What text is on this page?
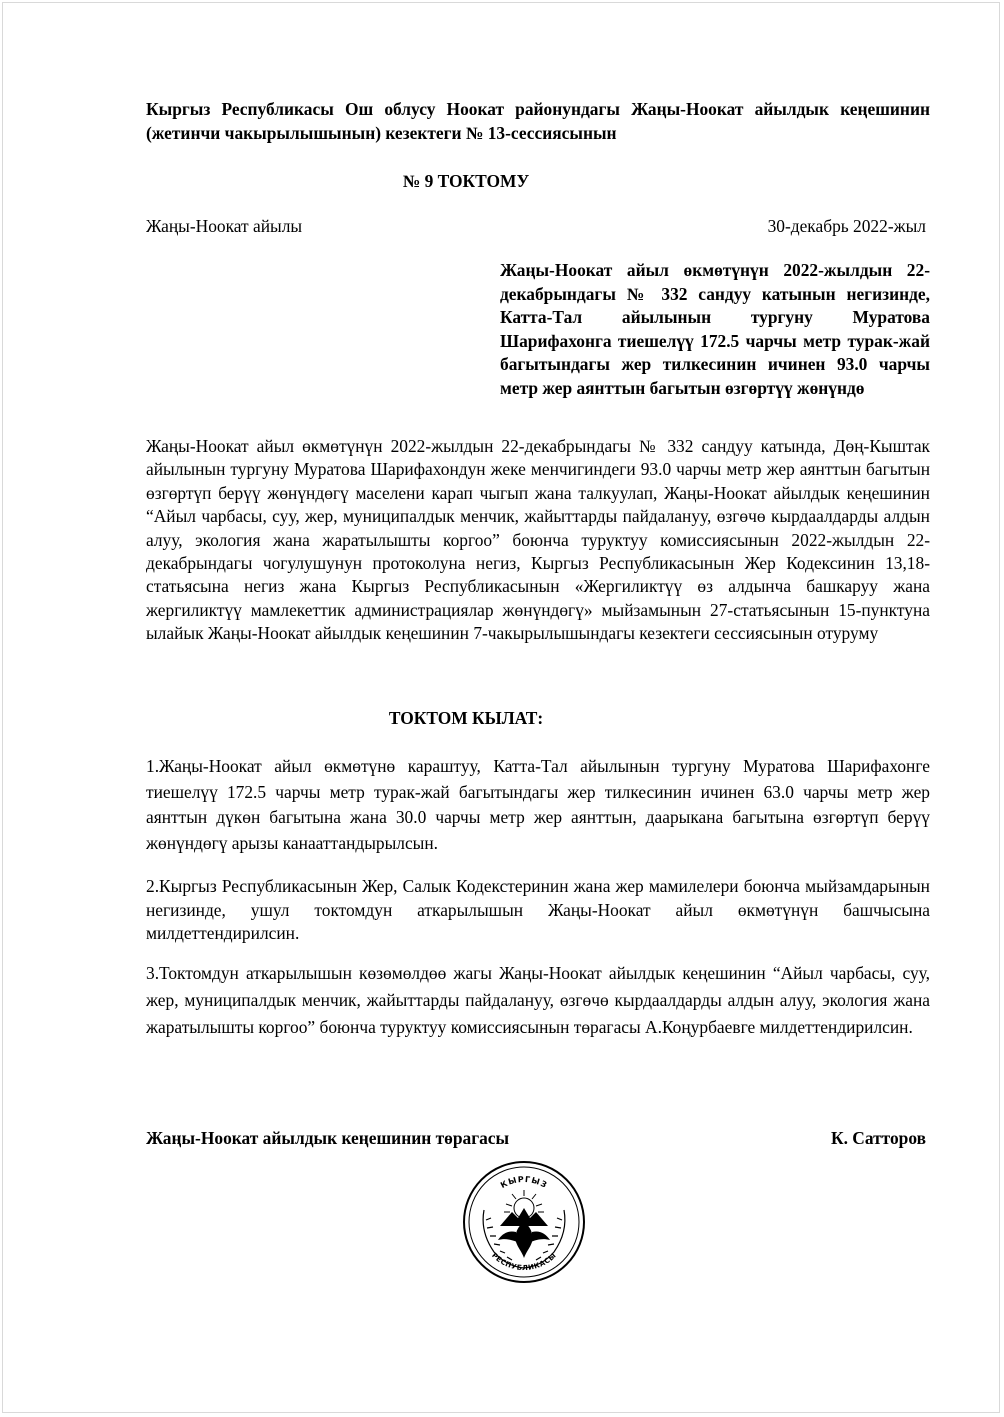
Кыргыз Республикасы Ош облусу Ноокат районундагы Жаңы-Ноокат айылдык кеңешинин (жетинчи чакырылышынын) кезектеги № 13-сессиясынын
№ 9 ТОКТОМУ
Жаңы-Ноокат айылы	30-декабрь 2022-жыл
Жаңы-Ноокат айыл өкмөтүнүн 2022-жылдын 22-декабрындагы № 332 сандуу катынын негизинде, Катта-Тал айылынын тургуну Муратова Шарифахонга тиешелүү 172.5 чарчы метр турак-жай багытындагы жер тилкесинин ичинен 93.0 чарчы метр жер аянттын багытын өзгөртүү жөнүндө
Жаңы-Ноокат айыл өкмөтүнүн 2022-жылдын 22-декабрындагы № 332 сандуу катында, Дөң-Кыштак айылынын тургуну Муратова Шарифахондун жеке менчигиндеги 93.0 чарчы метр жер аянттын багытын өзгөртүп берүү жөнүндөгү маселени карап чыгып жана талкуулап, Жаңы-Ноокат айылдык кеңешинин “Айыл чарбасы, суу, жер, муниципалдык менчик, жайыттарды пайдалануу, өзгөчө кырдаалдарды алдын алуу, экология жана жаратылышты коргоо” боюнча туруктуу комиссиясынын 2022-жылдын 22-декабрындагы чогулушунун протоколуна негиз, Кыргыз Республикасынын Жер Кодексинин 13,18-статьясына негиз жана Кыргыз Республикасынын «Жергиликтүү өз алдынча башкаруу жана жергиликтүү мамлекеттик администрациялар жөнүндөгү» мыйзамынын 27-статьясынын 15-пунктуна ылайык Жаңы-Ноокат айылдык кеңешинин 7-чакырылышындагы кезектеги сессиясынын отуруму
ТОКТОМ КЫЛАТ:
1.Жаңы-Ноокат айыл өкмөтүнө караштуу, Катта-Тал айылынын тургуну Муратова Шарифахонге тиешелүү 172.5 чарчы метр турак-жай багытындагы жер тилкесинин ичинен 63.0 чарчы метр жер аянттын дүкөн багытына жана 30.0 чарчы метр жер аянттын, даарыкана багытына өзгөртүп берүү жөнүндөгү арызы канааттандырылсын.
2.Кыргыз Республикасынын Жер, Салык Кодекстеринин жана жер мамилелери боюнча мыйзамдарынын негизинде, ушул токтомдун аткарылышын Жаңы-Ноокат айыл өкмөтүнүн башчысына милдеттендирилсин.
3.Токтомдун аткарылышын көзөмөлдөө жагы Жаңы-Ноокат айылдык кеңешинин “Айыл чарбасы, суу, жер, муниципалдык менчик, жайыттарды пайдалануу, өзгөчө кырдаалдарды алдын алуу, экология жана жаратылышты коргоо” боюнча туруктуу комиссиясынын төрагасы А.Коңурбаевге милдеттендирилсин.
Жаңы-Ноокат айылдык кеңешинин төрагасы	К. Сатторов
КЫРГЫЗ
РЕСПУБЛИКАСЫ
